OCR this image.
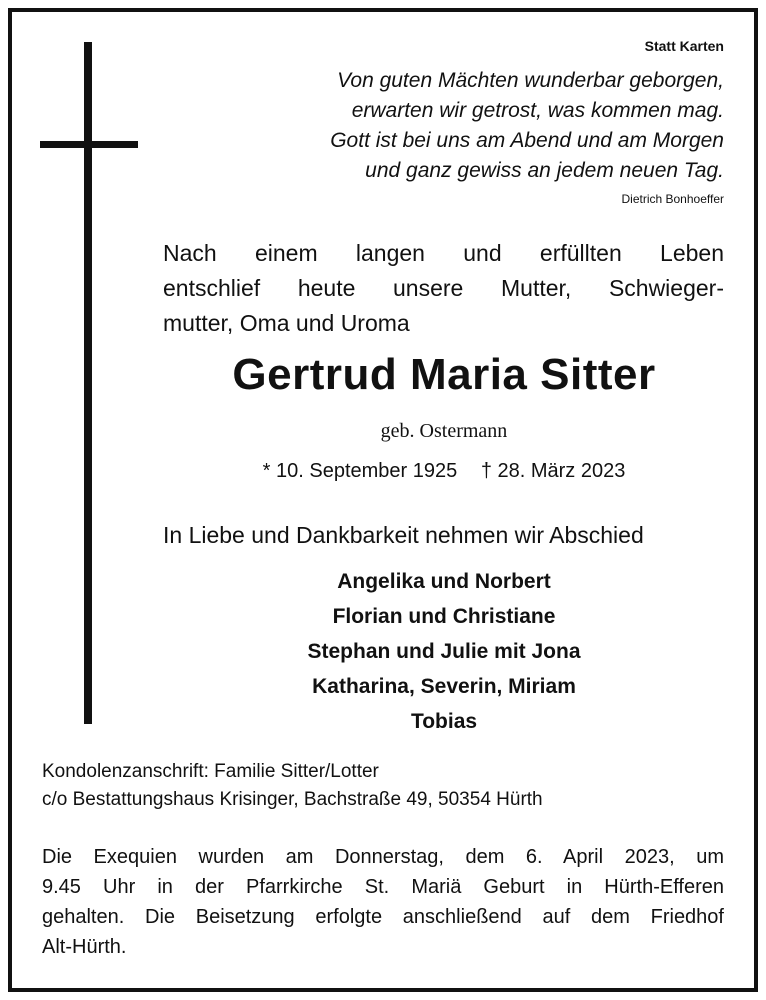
Statt Karten
Von guten Mächten wunderbar geborgen,
erwarten wir getrost, was kommen mag.
Gott ist bei uns am Abend und am Morgen
und ganz gewiss an jedem neuen Tag.
Dietrich Bonhoeffer
Nach einem langen und erfüllten Leben
entschlief heute unsere Mutter, Schwieger-
mutter, Oma und Uroma
Gertrud Maria Sitter
geb. Ostermann
* 10. September 1925 † 28. März 2023
In Liebe und Dankbarkeit nehmen wir Abschied
Angelika und Norbert
Florian und Christiane
Stephan und Julie mit Jona
Katharina, Severin, Miriam
Tobias
Kondolenzanschrift: Familie Sitter/Lotter
c/o Bestattungshaus Krisinger, Bachstraße 49, 50354 Hürth
Die Exequien wurden am Donnerstag, dem 6. April 2023, um
9.45 Uhr in der Pfarrkirche St. Mariä Geburt in Hürth-Efferen
gehalten. Die Beisetzung erfolgte anschließend auf dem Friedhof
Alt-Hürth.
